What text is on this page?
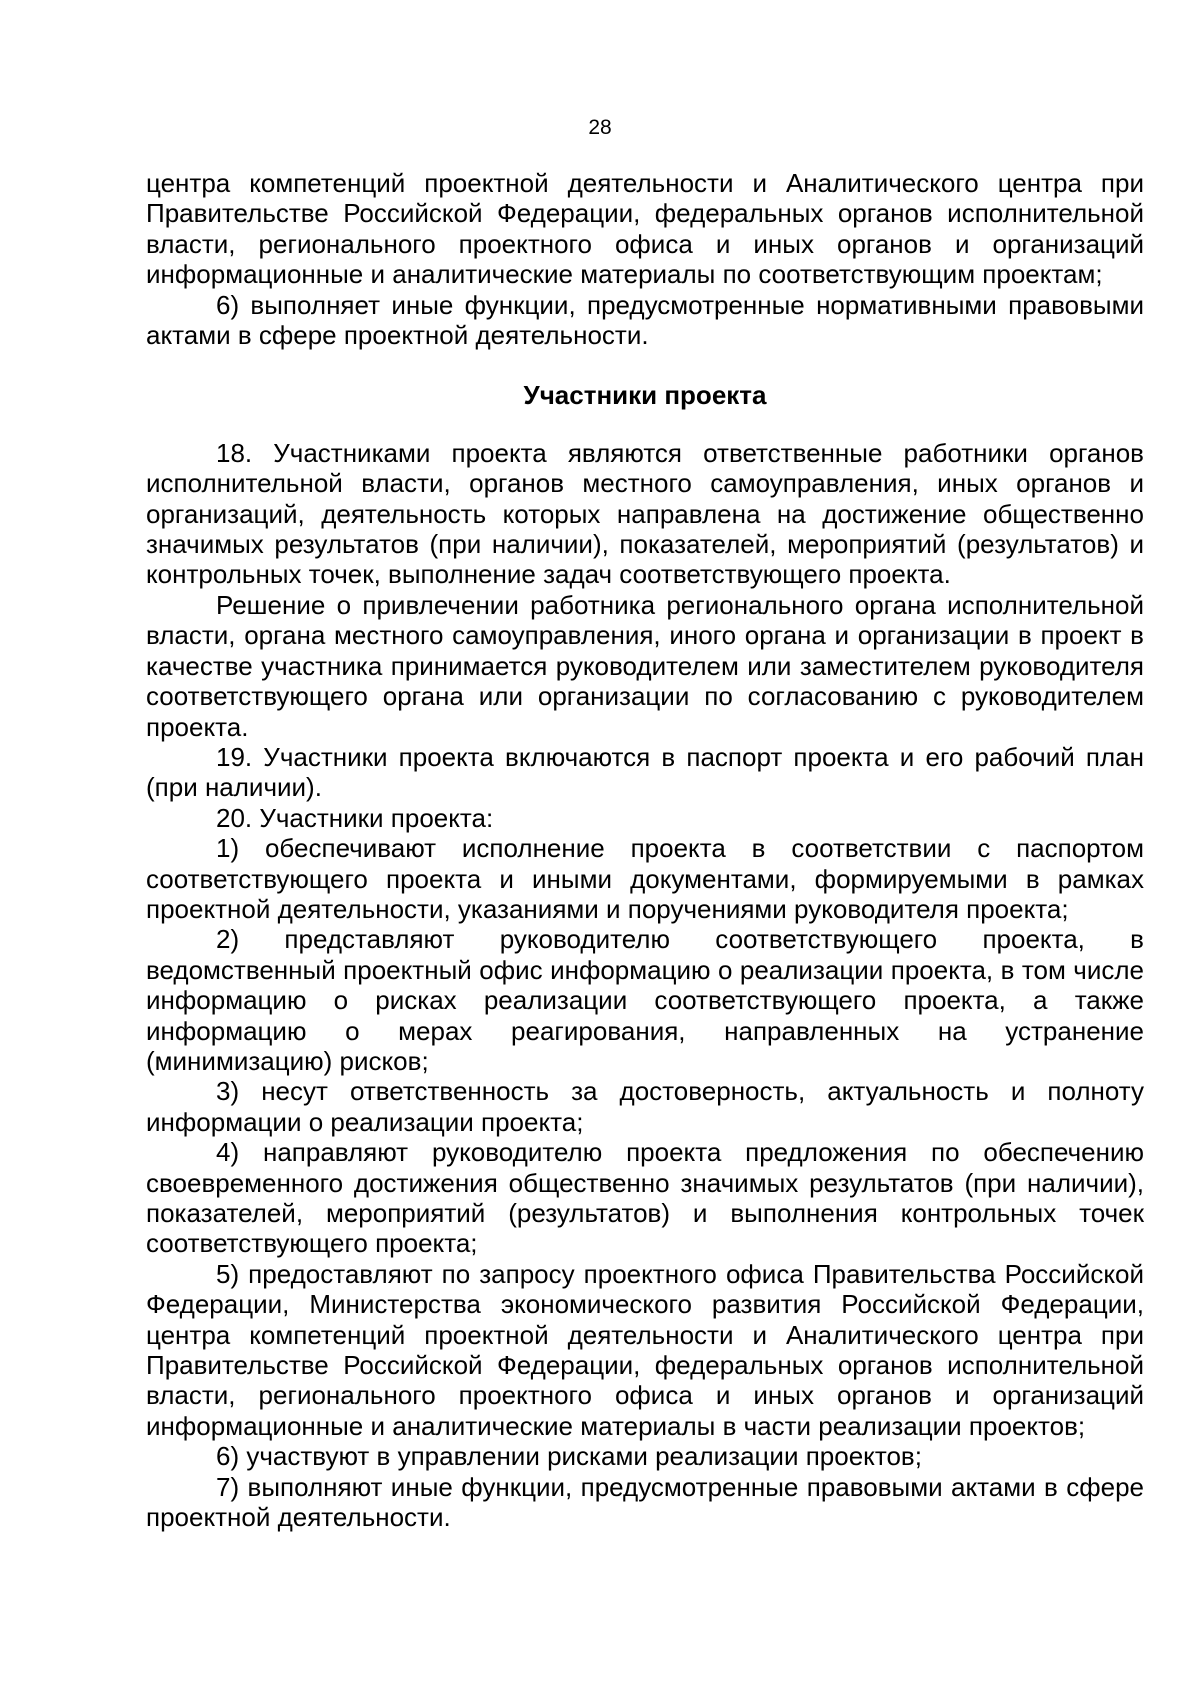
28

центра компетенций проектной деятельности и Аналитического центра при Правительстве Российской Федерации, федеральных органов исполнительной власти, регионального проектного офиса и иных органов и организаций информационные и аналитические материалы по соответствующим проектам;

6) выполняет иные функции, предусмотренные нормативными правовыми актами в сфере проектной деятельности.

Участники проекта

18. Участниками проекта являются ответственные работники органов исполнительной власти, органов местного самоуправления, иных органов и организаций, деятельность которых направлена на достижение общественно значимых результатов (при наличии), показателей, мероприятий (результатов) и контрольных точек, выполнение задач соответствующего проекта.

Решение о привлечении работника регионального органа исполнительной власти, органа местного самоуправления, иного органа и организации в проект в качестве участника принимается руководителем или заместителем руководителя соответствующего органа или организации по согласованию с руководителем проекта.

19. Участники проекта включаются в паспорт проекта и его рабочий план (при наличии).

20. Участники проекта:

1) обеспечивают исполнение проекта в соответствии с паспортом соответствующего проекта и иными документами, формируемыми в рамках проектной деятельности, указаниями и поручениями руководителя проекта;

2) представляют руководителю соответствующего проекта, в ведомственный проектный офис информацию о реализации проекта, в том числе информацию о рисках реализации соответствующего проекта, а также информацию о мерах реагирования, направленных на устранение (минимизацию) рисков;

3) несут ответственность за достоверность, актуальность и полноту информации о реализации проекта;

4) направляют руководителю проекта предложения по обеспечению своевременного достижения общественно значимых результатов (при наличии), показателей, мероприятий (результатов) и выполнения контрольных точек соответствующего проекта;

5) предоставляют по запросу проектного офиса Правительства Российской Федерации, Министерства экономического развития Российской Федерации, центра компетенций проектной деятельности и Аналитического центра при Правительстве Российской Федерации, федеральных органов исполнительной власти, регионального проектного офиса и иных органов и организаций информационные и аналитические материалы в части реализации проектов;

6) участвуют в управлении рисками реализации проектов;

7) выполняют иные функции, предусмотренные правовыми актами в сфере проектной деятельности.
